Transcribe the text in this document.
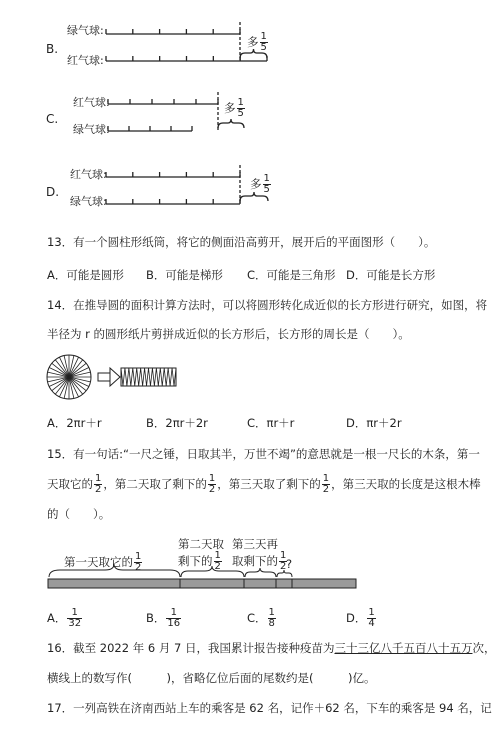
B.
绿气球:
红气球:
多 $\frac{1}{5}$
C.
红气球:
绿气球:
多 $\frac{1}{5}$
D.
红气球:
绿气球:
多 $\frac{1}{5}$
13．有一个圆柱形纸筒，将它的侧面沿高剪开，展开后的平面图形（　　）。
A．可能是圆形 B．可能是梯形 C．可能是三角形 D．可能是长方形
14．在推导圆的面积计算方法时，可以将圆形转化成近似的长方形进行研究，如图，将
半径为 r 的圆形纸片剪拼成近似的长方形后，长方形的周长是（　　）。
A．2πr＋r	B．2πr＋2r	C．πr＋r	D．πr＋2r
15．有一句话:“一尺之锤，日取其半，万世不竭”的意思就是一根一尺长的木条，第一
天取它的 $\frac{1}{2}$ ，第二天取了剩下的 $\frac{1}{2}$ ，第三天取了剩下的 $\frac{1}{2}$ ，第三天取的长度是这根木棒
的（　　）。
第一天取它的 $\frac{1}{2}$
第二天取
剩下的 $\frac{1}{2}$
第三天再
取剩下的 $\frac{1}{2}$
?
A． $\frac{1}{32}$	B． $\frac{1}{16}$	C． $\frac{1}{8}$	D． $\frac{1}{4}$
16．截至 2022 年 6 月 7 日，我国累计报告接种疫苗为三十三亿八千五百八十五万次，
横线上的数写作(　　　)，省略亿位后面的尾数约是(　　　)亿。
17．一列高铁在济南西站上车的乘客是 62 名，记作＋62 名，下车的乘客是 94 名，记
